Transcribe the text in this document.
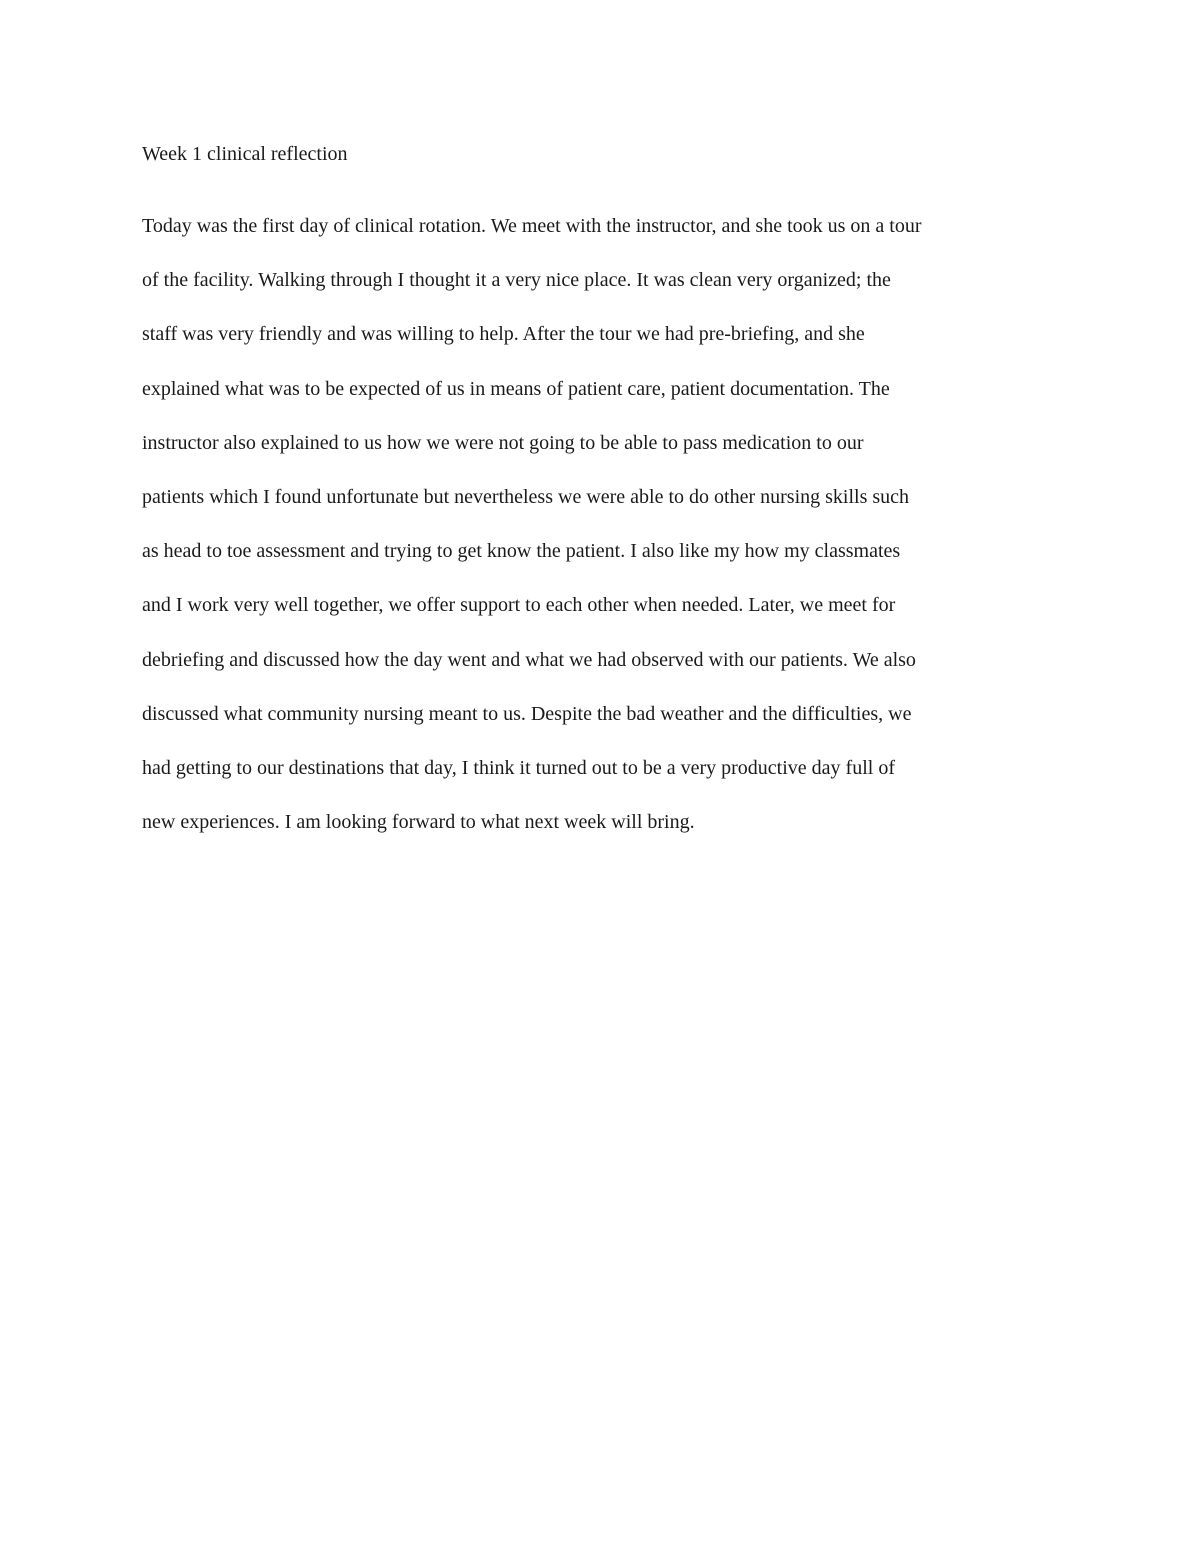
Week 1 clinical reflection
Today was the first day of clinical rotation. We meet with the instructor, and she took us on a tour
of the facility. Walking through I thought it a very nice place. It was clean very organized; the
staff was very friendly and was willing to help. After the tour we had pre-briefing, and she
explained what was to be expected of us in means of patient care, patient documentation. The
instructor also explained to us how we were not going to be able to pass medication to our
patients which I found unfortunate but nevertheless we were able to do other nursing skills such
as head to toe assessment and trying to get know the patient. I also like my how my classmates
and I work very well together, we offer support to each other when needed. Later, we meet for
debriefing and discussed how the day went and what we had observed with our patients. We also
discussed what community nursing meant to us. Despite the bad weather and the difficulties, we
had getting to our destinations that day, I think it turned out to be a very productive day full of
new experiences. I am looking forward to what next week will bring.
